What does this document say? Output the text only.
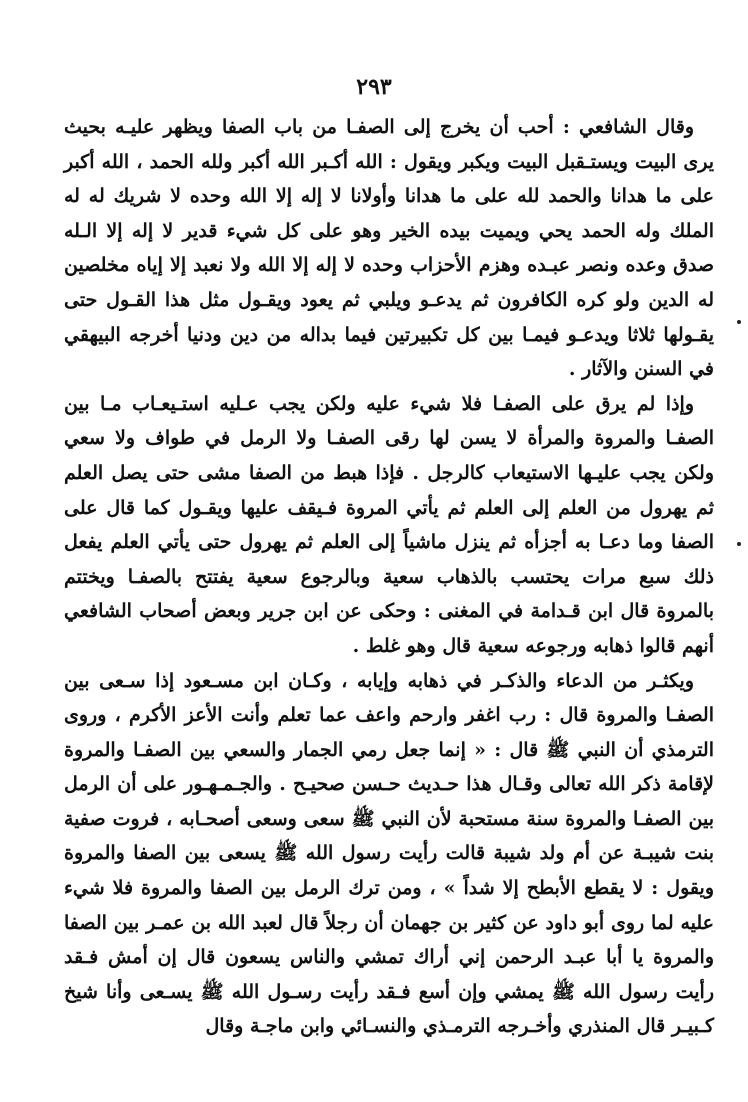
٢٩٣

وقال الشافعي : أحب أن يخرج إلى الصفـا من باب الصفا ويظهر عليـه بحيث يرى البيت ويستـقبل البيت ويكبر ويقول : الله أكـبر الله أكبر ولله الحمد ، الله أكبر على ما هدانا والحمد لله على ما هدانا وأولانا لا إله إلا الله وحده لا شريك له له الملك وله الحمد يحي ويميت بيده الخير وهو على كل شيء قدير لا إله إلا الـله صدق وعده ونصر عبـده وهزم الأحزاب وحده لا إله إلا الله ولا نعبد إلا إياه مخلصين له الدين ولو كره الكافرون ثم يدعـو ويلبي ثم يعود ويقـول مثل هذا القـول حتى يقـولها ثلاثا ويدعـو فيمـا بين كل تكبيرتين فيما بداله من دين ودنيا أخرجه البيهقي في السنن والآثار .

وإذا لم يرق على الصفـا فلا شيء عليه ولكن يجب عـليه استـيعـاب مـا بين الصفـا والمروة والمرأة لا يسن لها رقى الصفـا ولا الرمل في طواف ولا سعي ولكن يجب عليـها الاستيعاب كالرجل . فإذا هبط من الصفا مشى حتى يصل العلم ثم يهرول من العلم إلى العلم ثم يأتي المروة فـيقف عليها ويقـول كما قال على الصفا وما دعـا به أجزأه ثم ينزل ماشياً إلى العلم ثم يهرول حتى يأتي العلم يفعل ذلك سبع مرات يحتسب بالذهاب سعية وبالرجوع سعية يفتتح بالصفـا ويختتم بالمروة قال ابن قـدامة في المغنى : وحكى عن ابن جرير وبعض أصحاب الشافعي أنهم قالوا ذهابه ورجوعه سعية قال وهو غلط .

ويكثـر من الدعاء والذكـر في ذهابه وإيابه ، وكـان ابن مسـعود إذا سـعى بين الصفـا والمروة قال : رب اغفر وارحم واعف عما تعلم وأنت الأعز الأكرم ، وروى الترمذي أن النبي ﷺ قال : « إنما جعل رمي الجمار والسعي بين الصفـا والمروة لإقامة ذكر الله تعالى وقـال هذا حـديث حـسن صحيـح . والجـمـهـور على أن الرمل بين الصفـا والمروة سنة مستحبة لأن النبي ﷺ سعى وسعى أصحـابه ، فروت صفية بنت شيبـة عن أم ولد شيبة قالت رأيت رسول الله ﷺ يسعى بين الصفا والمروة ويقول : لا يقطع الأبطح إلا شداً » ، ومن ترك الرمل بين الصفا والمروة فلا شيء عليه لما روى أبو داود عن كثير بن جهمان أن رجلاً قال لعبد الله بن عمـر بين الصفا والمروة يا أبا عبـد الرحمن إني أراك تمشي والناس يسعون قال إن أمش فـقد رأيت رسول الله ﷺ يمشي وإن أسع فـقد رأيت رسـول الله ﷺ يسـعى وأنا شيخ كـبيـر قال المنذري وأخـرجه الترمـذي والنسـائي وابن ماجـة وقال
